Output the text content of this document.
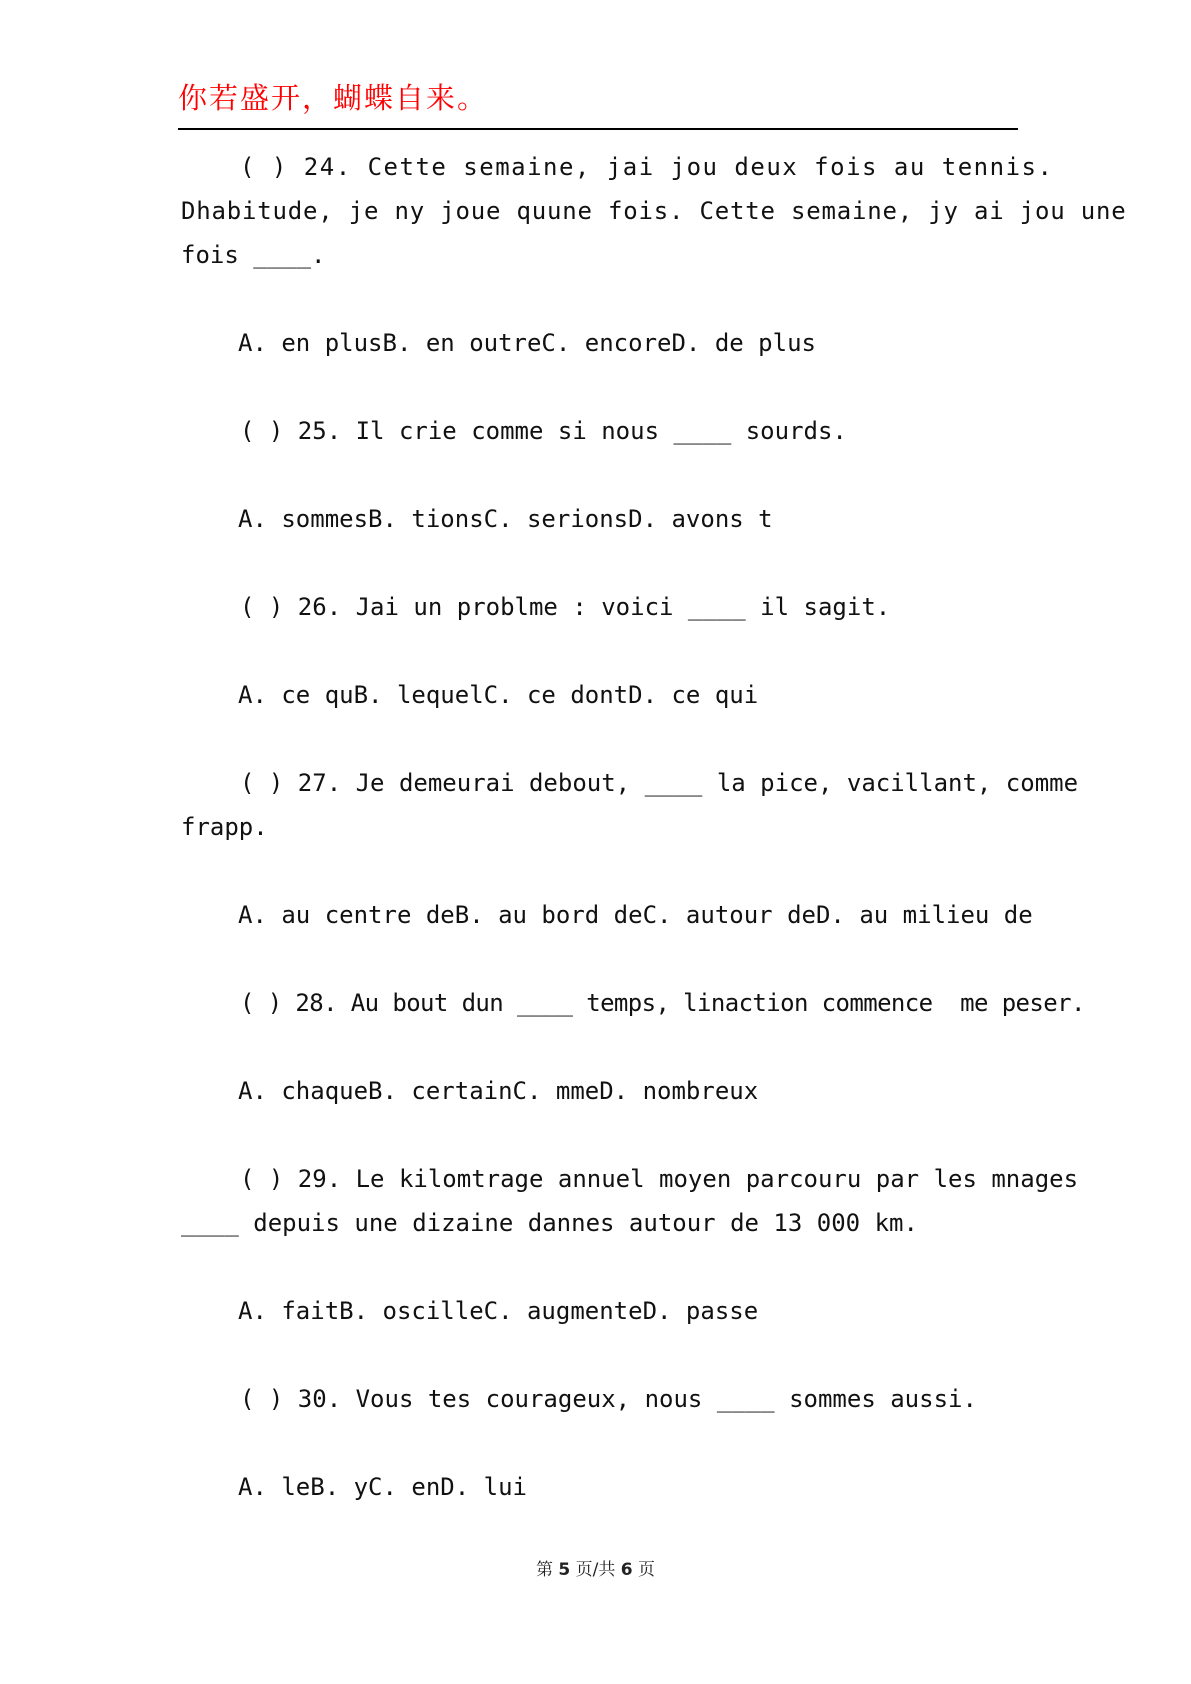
你若盛开，蝴蝶自来。
( ) 24. Cette semaine, jai jou deux fois au tennis.
Dhabitude, je ny joue quune fois. Cette semaine, jy ai jou une
fois ____.
A. en plusB. en outreC. encoreD. de plus
( ) 25. Il crie comme si nous ____ sourds.
A. sommesB. tionsC. serionsD. avons t
( ) 26. Jai un problme : voici ____ il sagit.
A. ce quB. lequelC. ce dontD. ce qui
( ) 27. Je demeurai debout, ____ la pice, vacillant, comme
frapp.
A. au centre deB. au bord deC. autour deD. au milieu de
( ) 28. Au bout dun ____ temps, linaction commence  me peser.
A. chaqueB. certainC. mmeD. nombreux
( ) 29. Le kilomtrage annuel moyen parcouru par les mnages
____ depuis une dizaine dannes autour de 13 000 km.
A. faitB. oscilleC. augmenteD. passe
( ) 30. Vous tes courageux, nous ____ sommes aussi.
A. leB. yC. enD. lui
第 5 页/共 6 页
